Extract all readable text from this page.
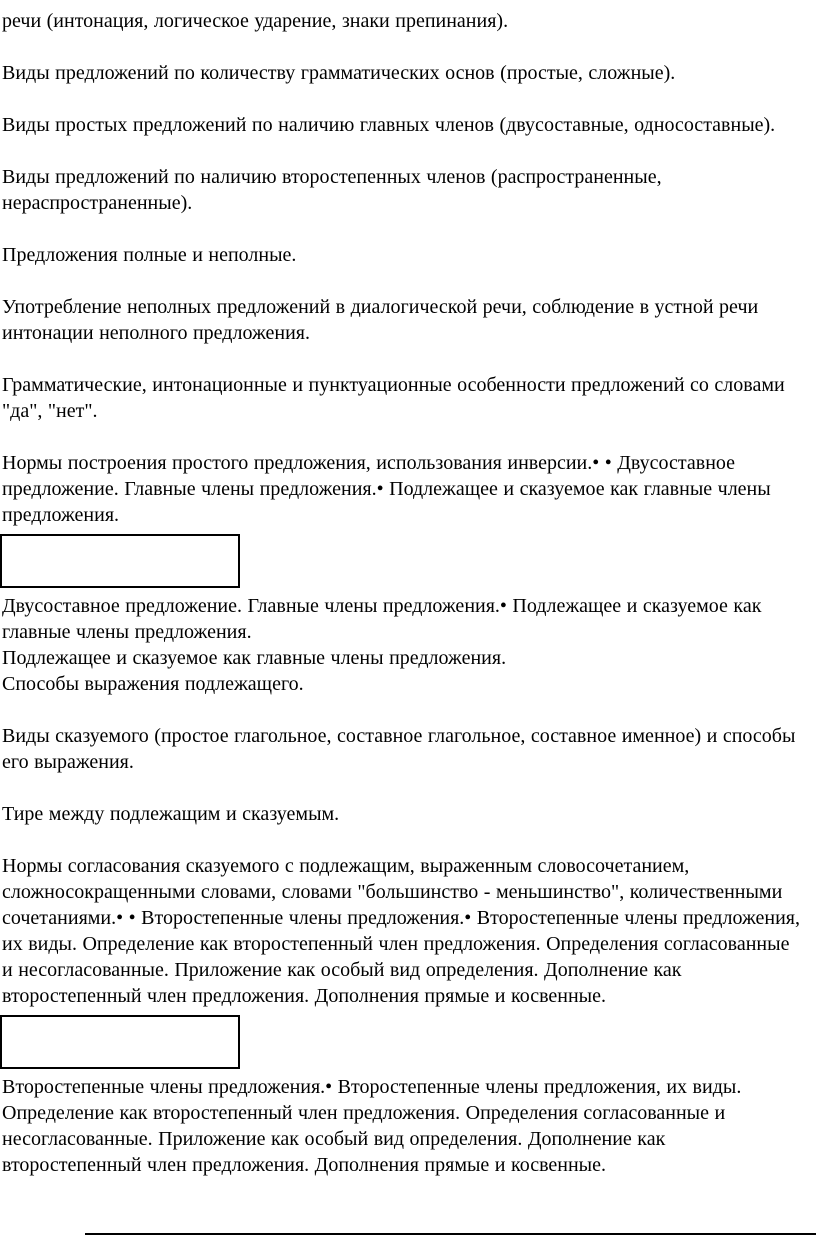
речи (интонация, логическое ударение, знаки препинания).

Виды предложений по количеству грамматических основ (простые, сложные).

Виды простых предложений по наличию главных членов (двусоставные, односоставные).

Виды предложений по наличию второстепенных членов (распространенные, нераспространенные).

Предложения полные и неполные.

Употребление неполных предложений в диалогической речи, соблюдение в устной речи интонации неполного предложения.

Грамматические, интонационные и пунктуационные особенности предложений со словами "да", "нет".

Нормы построения простого предложения, использования инверсии.• • Двусоставное предложение. Главные члены предложения.• Подлежащее и сказуемое как главные члены предложения.

Двусоставное предложение. Главные члены предложения.• Подлежащее и сказуемое как главные члены предложения.

Подлежащее и сказуемое как главные члены предложения.

Способы выражения подлежащего.

Виды сказуемого (простое глагольное, составное глагольное, составное именное) и способы его выражения.

Тире между подлежащим и сказуемым.

Нормы согласования сказуемого с подлежащим, выраженным словосочетанием, сложносокращенными словами, словами "большинство - меньшинство", количественными сочетаниями.• • Второстепенные члены предложения.• Второстепенные члены предложения, их виды. Определение как второстепенный член предложения. Определения согласованные и несогласованные. Приложение как особый вид определения. Дополнение как второстепенный член предложения. Дополнения прямые и косвенные.

Второстепенные члены предложения.• Второстепенные члены предложения, их виды. Определение как второстепенный член предложения. Определения согласованные и несогласованные. Приложение как особый вид определения. Дополнение как второстепенный член предложения. Дополнения прямые и косвенные.
